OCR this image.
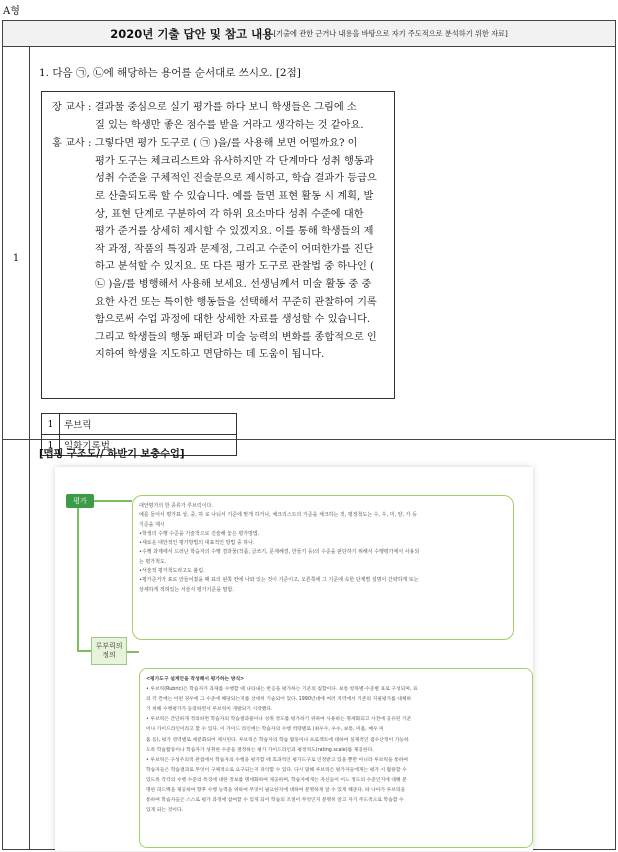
A형
2020년 기출 답안 및 참고 내용 [기출에 관한 근거나 내용을 바탕으로 자기 주도적으로 분석하기 위한 자료]
1
1. 다음 ㉠, ㉡에 해당하는 용어를 순서대로 쓰시오. [2점]
장 교사 : 결과물 중심으로 실기 평가를 하다 보니 학생들은 그림에 소
질 있는 학생만 좋은 점수를 받을 거라고 생각하는 것 같아요.
홍 교사 : 그렇다면 평가 도구로 ( ㉠ )을/를 사용해 보면 어떨까요? 이
평가 도구는 체크리스트와 유사하지만 각 단계마다 성취 행동과
성취 수준을 구체적인 진술문으로 제시하고, 학습 결과가 등급으
로 산출되도록 할 수 있습니다. 예를 들면 표현 활동 시 계획, 발
상, 표현 단계로 구분하여 각 하위 요소마다 성취 수준에 대한
평가 준거를 상세히 제시할 수 있겠지요. 이를 통해 학생들의 제
작 과정, 작품의 특징과 문제점, 그리고 수준이 어떠한가를 진단
하고 분석할 수 있지요. 또 다른 평가 도구로 관찰법 중 하나인 (
㉡ )을/를 병행해서 사용해 보세요. 선생님께서 미술 활동 중 중
요한 사건 또는 특이한 행동들을 선택해서 꾸준히 관찰하여 기록
함으로써 수업 과정에 대한 상세한 자료를 생성할 수 있습니다.
그리고 학생들의 행동 패턴과 미술 능력의 변화를 종합적으로 인
지하여 학생을 지도하고 면담하는 데 도움이 됩니다.
1	루브릭
1	일화기록법
[맵핑 구조도// 하반기 보충수업]
평가
루부릭의
정의

대안평가의 한 종류가 루브릭이다.

예를 들어서 평가표 상, 중, 하 로 나눠서 기준에 맞게 하거나, 체크리스트의 기준을 체크하는 것, 평정척도는 수, 우, 미, 양, 가 등

기준을 제시

•학생의 수행 수준을 기술적으로 진술해 놓은 평가방법.

•새로운 대안적인 평가방법의 대표적인 방법 중 하나.

•수행 과제에서 드러난 학습자의 수행 결과물(작품, 글쓰기, 문제해결, 만들기 등)의 수준을 판단하기 위해서 수행평가에서 사용되

는 평가척도.

•서술적 평가척도라고도 불림.

•평가준거가 표로 만들어졌을 때 표의 왼쪽 칸에 나와 있는 것이 기준이고, 오른쪽에 그 기준에 속한 단계별 설명이 간략하게 또는

상세하게 적혀있는 서술식 평가기준을 말함.

<평가도구 설계안을 작성해서 평가하는 방식>

• 루브릭(Rubric)은 학습자가 과제를 수행할 때 나타내는 반응을 평가하는 기준의 집합이다. 보통 항목별·수준별 표로 구성되며, 표

의 각 칸에는 어떤 경우에 그 수준에 해당되는지를 상세히 기술되어 있다. 1990년대에 여러 지역에서 기존의 지필평가를 대체하

기 위해 수행평가가 등장하면서 루브릭이 개발되기 시작했다.

• 루브릭은 간단하게 정의하면 학습자의 학습결과물이나 성취 정도를 평가하기 위하여 사용하는 명세화되고 사전에 공유된 기준

이나 가이드라인이라고 할 수 있다. 이 가이드 라인에는 학습자의 수행 역량별로 (최우수, 우수, 보통, 미흡, 매우 미

흡 등), 평가 영역별로 세분화되어 제시된다. 루브릭은 학습자의 학습 활동이나 프로젝트에 대하여 실제적인 점수산정이 가능하

도록 학습활동이나 학습자가 성취한 수준을 결정하는 평가 가이드라인과 평정척도(rating scale)를 제공한다.

• 루브릭은 구성주의적 관점에서 학습자의 수행을 평가할 때 효과적인 평가도구로 인정받고 있을 뿐만 아니라 루브릭을 통하여

학습자들은 학습결과로 무엇이 구체적으로 요구되는지 파악할 수 있다. 다시 말해 루브릭은 평가자들에게는 평가 시 활용할 수

있도록 각각의 수행 수준의 특징에 대한 정보를 명세화하여 제공하며, 학습자에게는 자신들이 어느 정도의 수준인지에 대해 분

명한 피드백을 제공하여 향후 수행 능력을 위하여 무엇이 필요한지에 대하여 분명하게 알 수 있게 해준다. 따 나아가 루브릭을

통하여 학습자들은 스스로 평가 과정에 참여할 수 있게 되어 학습의 조절이 무엇인지 분명히 알고 자기 주도적으로 학습할 수

있게 되는 것이다.
